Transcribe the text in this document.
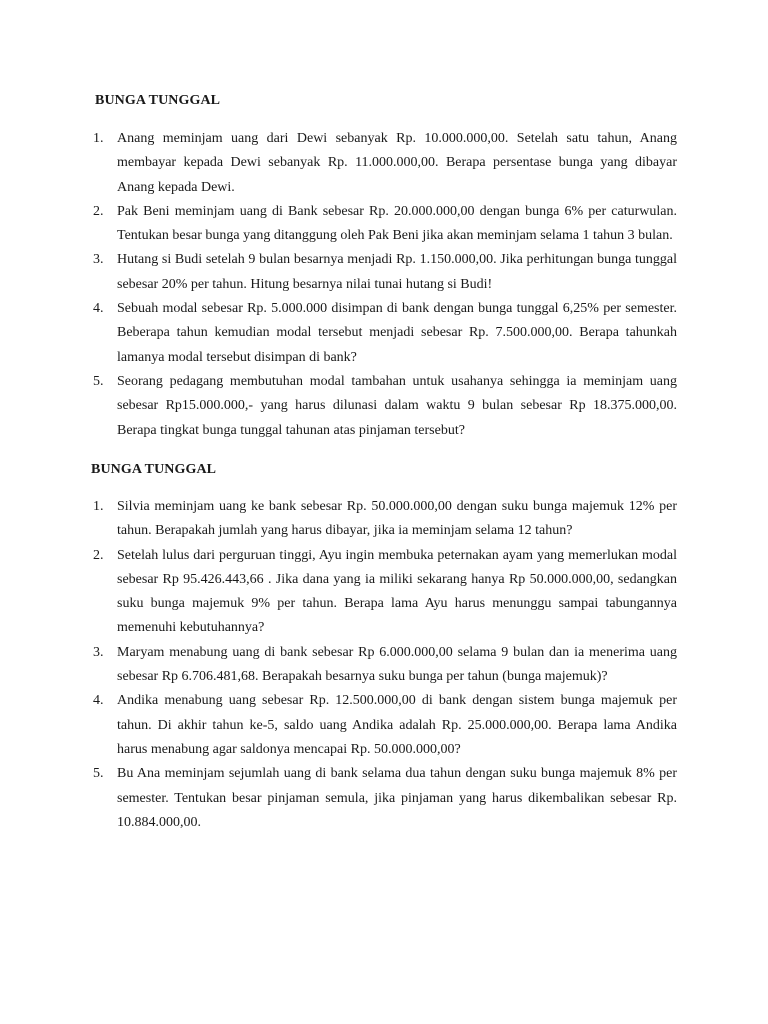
BUNGA TUNGGAL
1. Anang meminjam uang dari Dewi sebanyak Rp. 10.000.000,00. Setelah satu tahun, Anang membayar kepada Dewi sebanyak Rp. 11.000.000,00. Berapa persentase bunga yang dibayar Anang kepada Dewi.
2. Pak Beni meminjam uang di Bank sebesar Rp. 20.000.000,00 dengan bunga 6% per caturwulan. Tentukan besar bunga yang ditanggung oleh Pak Beni jika akan meminjam selama 1 tahun 3 bulan.
3. Hutang si Budi setelah 9 bulan besarnya menjadi Rp. 1.150.000,00. Jika perhitungan bunga tunggal sebesar 20% per tahun. Hitung besarnya nilai tunai hutang si Budi!
4. Sebuah modal sebesar Rp. 5.000.000 disimpan di bank dengan bunga tunggal 6,25% per semester. Beberapa tahun kemudian modal tersebut menjadi sebesar Rp. 7.500.000,00. Berapa tahunkah lamanya modal tersebut disimpan di bank?
5. Seorang pedagang membutuhan modal tambahan untuk usahanya sehingga ia meminjam uang sebesar Rp15.000.000,- yang harus dilunasi dalam waktu 9 bulan sebesar Rp 18.375.000,00. Berapa tingkat bunga tunggal tahunan atas pinjaman tersebut?
BUNGA TUNGGAL
1. Silvia meminjam uang ke bank sebesar Rp. 50.000.000,00 dengan suku bunga majemuk 12% per tahun. Berapakah jumlah yang harus dibayar, jika ia meminjam selama 12 tahun?
2. Setelah lulus dari perguruan tinggi, Ayu ingin membuka peternakan ayam yang memerlukan modal sebesar Rp 95.426.443,66 . Jika dana yang ia miliki sekarang hanya Rp 50.000.000,00, sedangkan suku bunga majemuk 9% per tahun. Berapa lama Ayu harus menunggu sampai tabungannya memenuhi kebutuhannya?
3. Maryam menabung uang di bank sebesar Rp 6.000.000,00 selama 9 bulan dan ia menerima uang sebesar Rp 6.706.481,68. Berapakah besarnya suku bunga per tahun (bunga majemuk)?
4. Andika menabung uang sebesar Rp. 12.500.000,00 di bank dengan sistem bunga majemuk per tahun. Di akhir tahun ke-5, saldo uang Andika adalah Rp. 25.000.000,00. Berapa lama Andika harus menabung agar saldonya mencapai Rp. 50.000.000,00?
5. Bu Ana meminjam sejumlah uang di bank selama dua tahun dengan suku bunga majemuk 8% per semester. Tentukan besar pinjaman semula, jika pinjaman yang harus dikembalikan sebesar Rp. 10.884.000,00.
